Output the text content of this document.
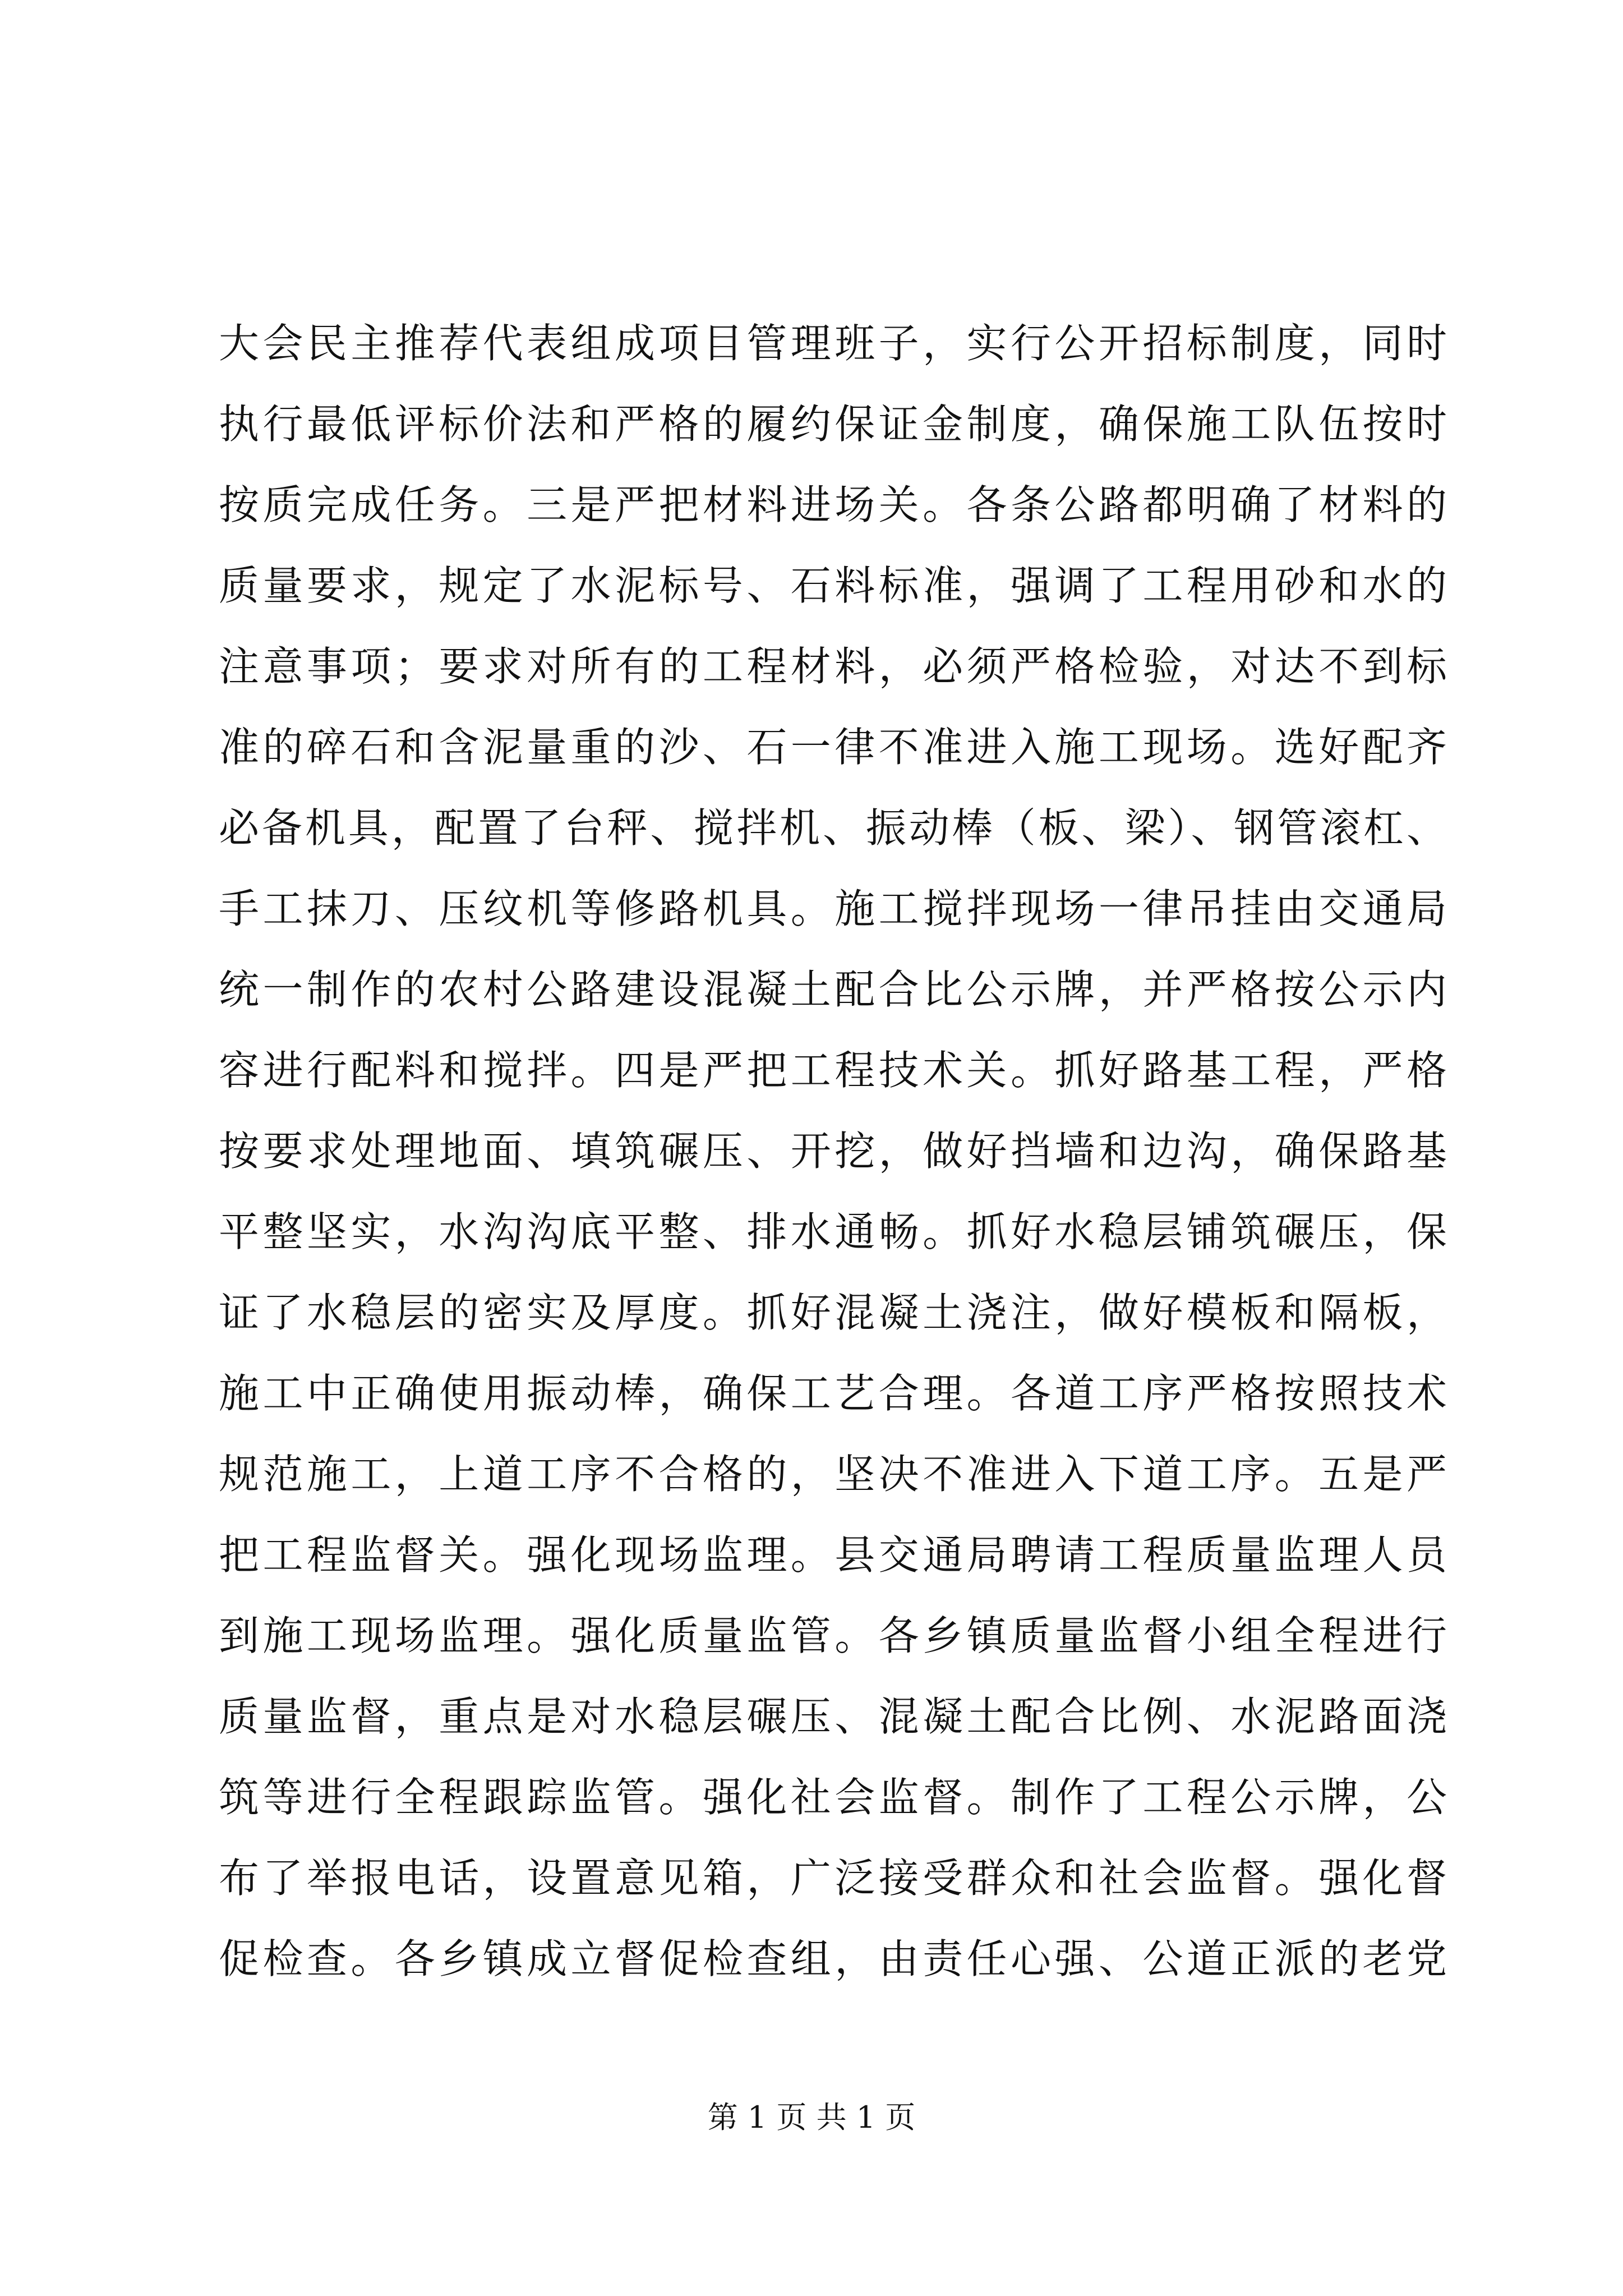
大会民主推荐代表组成项目管理班子，实行公开招标制度，同时
执行最低评标价法和严格的履约保证金制度，确保施工队伍按时
按质完成任务。三是严把材料进场关。各条公路都明确了材料的
质量要求，规定了水泥标号、石料标准，强调了工程用砂和水的
注意事项；要求对所有的工程材料，必须严格检验，对达不到标
准的碎石和含泥量重的沙、石一律不准进入施工现场。选好配齐
必备机具，配置了台秤、搅拌机、振动棒（板、梁）、钢管滚杠、
手工抹刀、压纹机等修路机具。施工搅拌现场一律吊挂由交通局
统一制作的农村公路建设混凝土配合比公示牌，并严格按公示内
容进行配料和搅拌。四是严把工程技术关。抓好路基工程，严格
按要求处理地面、填筑碾压、开挖，做好挡墙和边沟，确保路基
平整坚实，水沟沟底平整、排水通畅。抓好水稳层铺筑碾压，保
证了水稳层的密实及厚度。抓好混凝土浇注，做好模板和隔板，
施工中正确使用振动棒，确保工艺合理。各道工序严格按照技术
规范施工，上道工序不合格的，坚决不准进入下道工序。五是严
把工程监督关。强化现场监理。县交通局聘请工程质量监理人员
到施工现场监理。强化质量监管。各乡镇质量监督小组全程进行
质量监督，重点是对水稳层碾压、混凝土配合比例、水泥路面浇
筑等进行全程跟踪监管。强化社会监督。制作了工程公示牌，公
布了举报电话，设置意见箱，广泛接受群众和社会监督。强化督
促检查。各乡镇成立督促检查组，由责任心强、公道正派的老党
第 1 页 共 1 页
